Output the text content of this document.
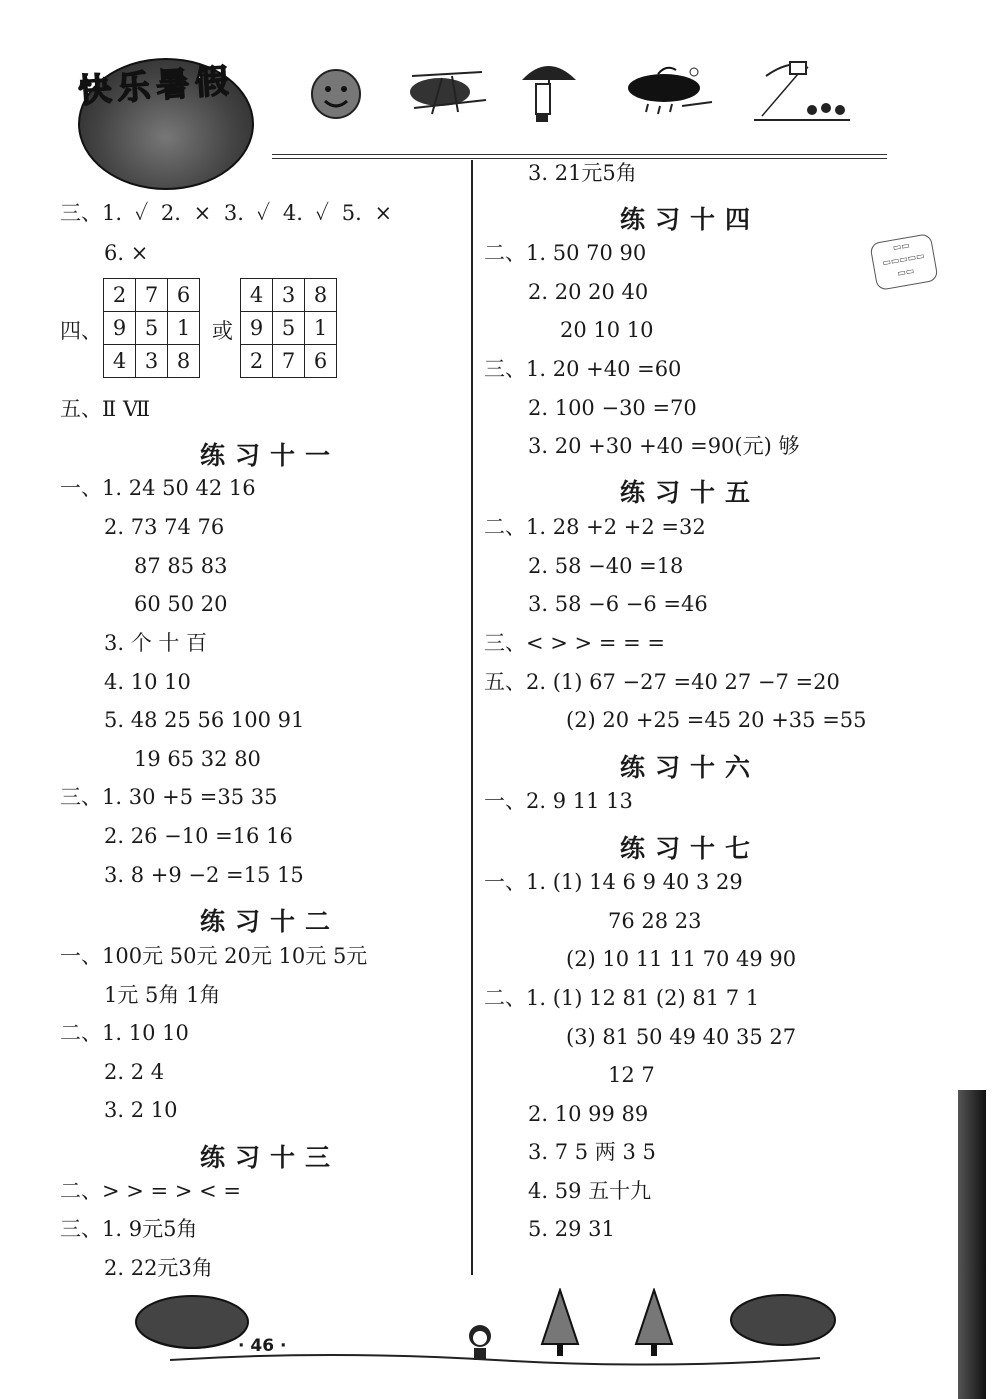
快乐暑假
▭▭
▭▭▭▭▭
▭▭
三、1. ✓ 2. × 3. ✓ 4. ✓ 5. ×
6. ×
2	7	6
9	5	1
4	3	8
四、	或
4	3	8
9	5	1
2	7	6
五、Ⅱ Ⅶ
练习十一
一、1. 24 50 42 16
2. 73 74 76
87 85 83
60 50 20
3. 个 十 百
4. 10 10
5. 48 25 56 100 91
19 65 32 80
三、1. 30 +5 =35 35
2. 26 −10 =16 16
3. 8 +9 −2 =15 15
练习十二
一、100元 50元 20元 10元 5元
1元 5角 1角
二、1. 10 10
2. 2 4
3. 2 10
练习十三
二、> > = > < =
三、1. 9元5角
2. 22元3角
3. 21元5角
练习十四
二、1. 50 70 90
2. 20 20 40
20 10 10
三、1. 20 +40 =60
2. 100 −30 =70
3. 20 +30 +40 =90(元) 够
练习十五
二、1. 28 +2 +2 =32
2. 58 −40 =18
3. 58 −6 −6 =46
三、< > > = = =
五、2. (1) 67 −27 =40 27 −7 =20
(2) 20 +25 =45 20 +35 =55
练习十六
一、2. 9 11 13
练习十七
一、1. (1) 14 6 9 40 3 29
76 28 23
(2) 10 11 11 70 49 90
二、1. (1) 12 81 (2) 81 7 1
(3) 81 50 49 40 35 27
12 7
2. 10 99 89
3. 7 5 两 3 5
4. 59 五十九
5. 29 31
· 46 ·
